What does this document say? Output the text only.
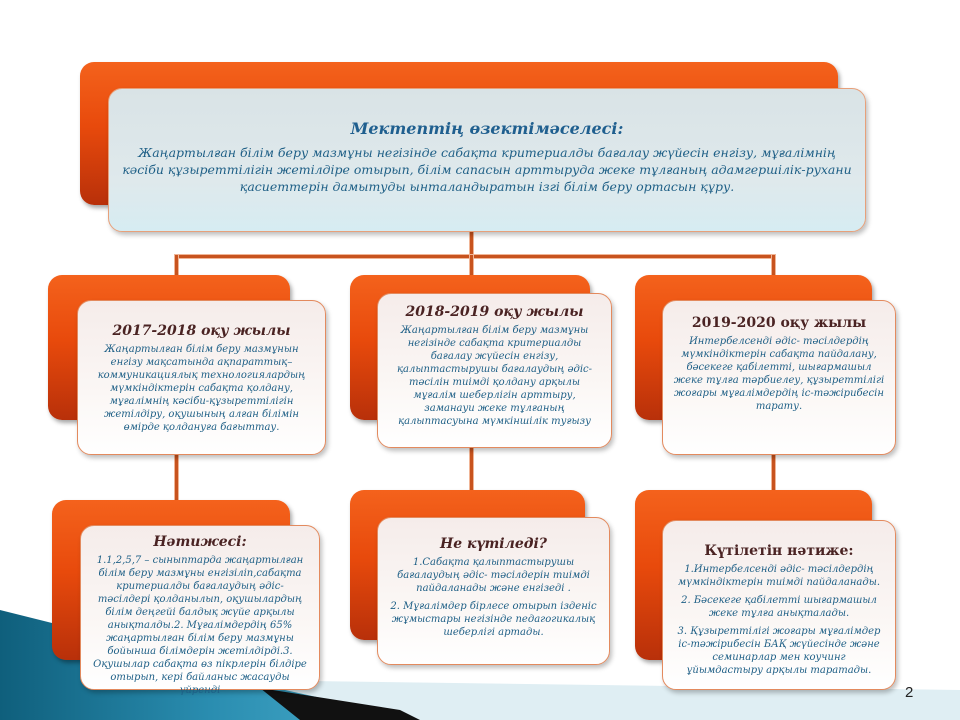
Мектептің өзектімәселесі:
Жаңартылған білім беру мазмұны негізінде сабақта критериалды бағалау жүйесін енгізу, мұғалімнің кәсіби құзыреттілігін жетілдіре отырып, білім сапасын арттыруда жеке тұлғаның адамгершілік-рухани қасиеттерін дамытуды ынталандыратын ізгі білім беру ортасын құру.
2017-2018 оқу жылы
Жаңартылған білім беру мазмұнын енгізу мақсатында ақпараттық–коммуникациялық технологиялардың мүмкіндіктерін сабақта қолдану, мұғалімнің кәсіби-құзыреттілігін жетілдіру, оқушының алған білімін өмірде қолдануға бағыттау.
2018-2019 оқу жылы
Жаңартылған білім беру мазмұны негізінде сабақта критериалды бағалау жүйесін енгізу, қалыптастырушы бағалаудың әдіс-тәсілін тиімді қолдану арқылы мұғалім шеберлігін арттыру, заманауи жеке тұлғаның қалыптасуына мүмкіншілік туғызу
2019-2020 оқу жылы
Интербелсенді әдіс- тәсілдердің мүмкіндіктерін сабақта пайдалану, бәсекеге қабілетті, шығармашыл жеке тұлға тәрбиелеу, құзыреттілігі жоғары мұғалімдердің іс-тәжірибесін тарату.
Нәтижесі:

1.1,2,5,7 – сыныптарда жаңартылған білім беру мазмұны енгізіліп,сабақта критериалды бағалаудың әдіс- тәсілдері қолданылып, оқушылардың білім деңгейі балдық жүйе арқылы анықталды.2. Мұғалімдердің 65% жаңартылған білім беру мазмұны бойынша білімдерін жетілдірді.3. Оқушылар сабақта өз пікрлерін білдіре отырып, кері байланыс жасауды үйренді

Не күтіледі?

1.Сабақта қалыптастырушы бағалаудың әдіс- тәсілдерін тиімді пайдаланады және енгізеді .

2. Мұғалімдер бірлесе отырып ізденіс жұмыстары негізінде педагогикалық шеберлігі артады.

Күтілетін нәтиже:

1.Интербелсенді әдіс- тәсілдердің мүмкіндіктерін тиімді пайдаланады.

2. Бәсекеге қабілетті шығармашыл жеке тұлға анықталады.

3. Құзыреттілігі жоғары мұғалімдер іс-тәжірибесін БАҚ жүйесінде және семинарлар мен коучинг ұйымдастыру арқылы таратады.

2
